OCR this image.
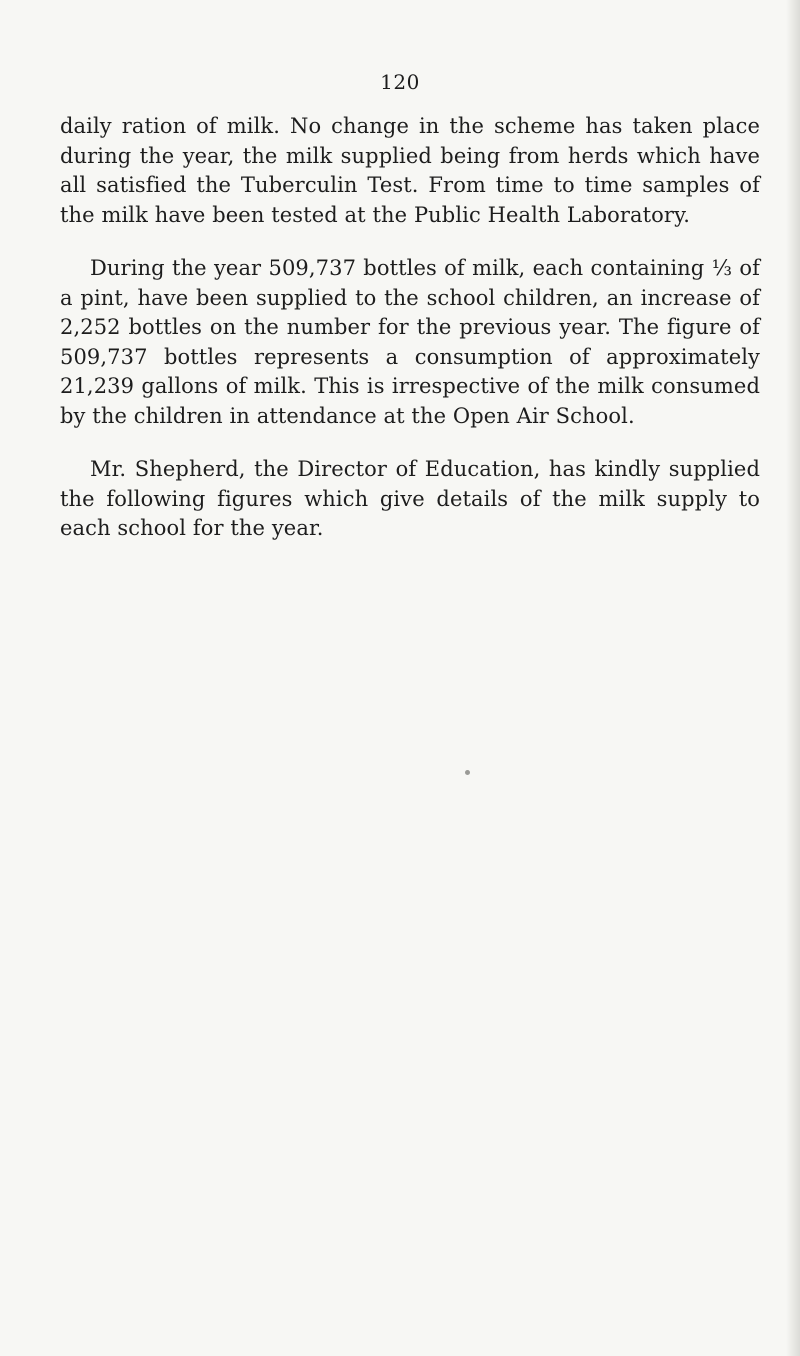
120

daily ration of milk. No change in the scheme has taken place during the year, the milk supplied being from herds which have all satisfied the Tuberculin Test. From time to time samples of the milk have been tested at the Public Health Laboratory.

During the year 509,737 bottles of milk, each containing ⅓ of a pint, have been supplied to the school children, an increase of 2,252 bottles on the number for the previous year. The figure of 509,737 bottles represents a consumption of approximately 21,239 gallons of milk. This is irrespective of the milk consumed by the children in attendance at the Open Air School.

Mr. Shepherd, the Director of Education, has kindly supplied the following figures which give details of the milk supply to each school for the year.
